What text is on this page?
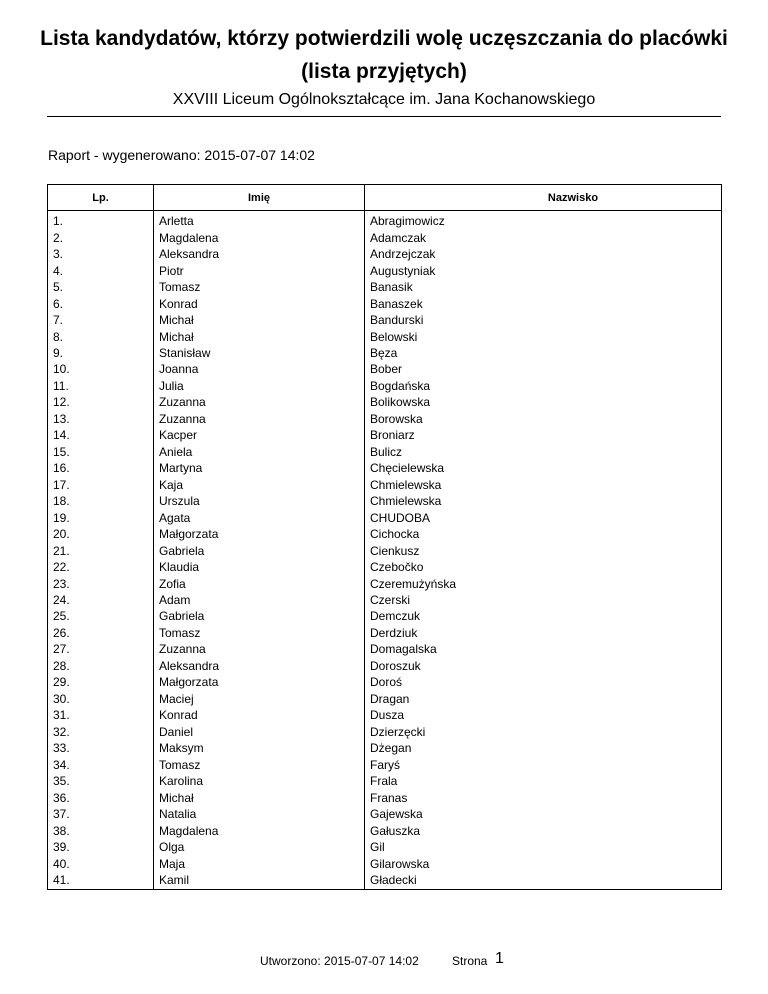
Lista kandydatów, którzy potwierdzili wolę uczęszczania do placówki (lista przyjętych)
XXVIII Liceum Ogólnokształcące im. Jana Kochanowskiego
Raport - wygenerowano: 2015-07-07 14:02
Lp.	Imię	Nazwisko
1.	Arletta	Abragimowicz
2.	Magdalena	Adamczak
3.	Aleksandra	Andrzejczak
4.	Piotr	Augustyniak
5.	Tomasz	Banasik
6.	Konrad	Banaszek
7.	Michał	Bandurski
8.	Michał	Belowski
9.	Stanisław	Bęza
10.	Joanna	Bober
11.	Julia	Bogdańska
12.	Zuzanna	Bolikowska
13.	Zuzanna	Borowska
14.	Kacper	Broniarz
15.	Aniela	Bulicz
16.	Martyna	Chęcielewska
17.	Kaja	Chmielewska
18.	Urszula	Chmielewska
19.	Agata	CHUDOBA
20.	Małgorzata	Cichocka
21.	Gabriela	Cienkusz
22.	Klaudia	Czebočko
23.	Zofia	Czeremużyńska
24.	Adam	Czerski
25.	Gabriela	Demczuk
26.	Tomasz	Derdziuk
27.	Zuzanna	Domagalska
28.	Aleksandra	Doroszuk
29.	Małgorzata	Doroś
30.	Maciej	Dragan
31.	Konrad	Dusza
32.	Daniel	Dzierzęcki
33.	Maksym	Dżegan
34.	Tomasz	Faryś
35.	Karolina	Frala
36.	Michał	Franas
37.	Natalia	Gajewska
38.	Magdalena	Gałuszka
39.	Olga	Gil
40.	Maja	Gilarowska
41.	Kamil	Gładecki
Utworzono: 2015-07-07 14:02	Strona 1
